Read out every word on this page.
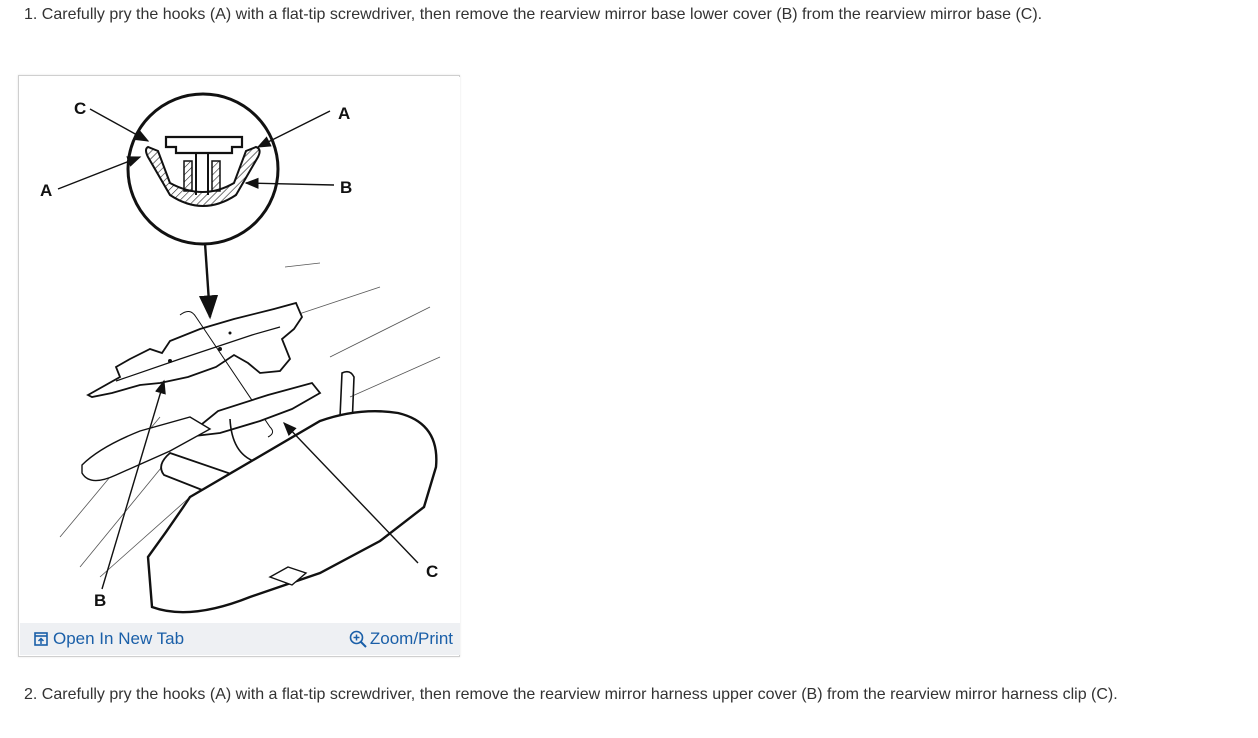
1. Carefully pry the hooks (A) with a flat-tip screwdriver, then remove the rearview mirror base lower cover (B) from the rearview mirror base (C).

C	A
A	B
C
B
Open In New Tab	Zoom/Print

2. Carefully pry the hooks (A) with a flat-tip screwdriver, then remove the rearview mirror harness upper cover (B) from the rearview mirror harness clip (C).
